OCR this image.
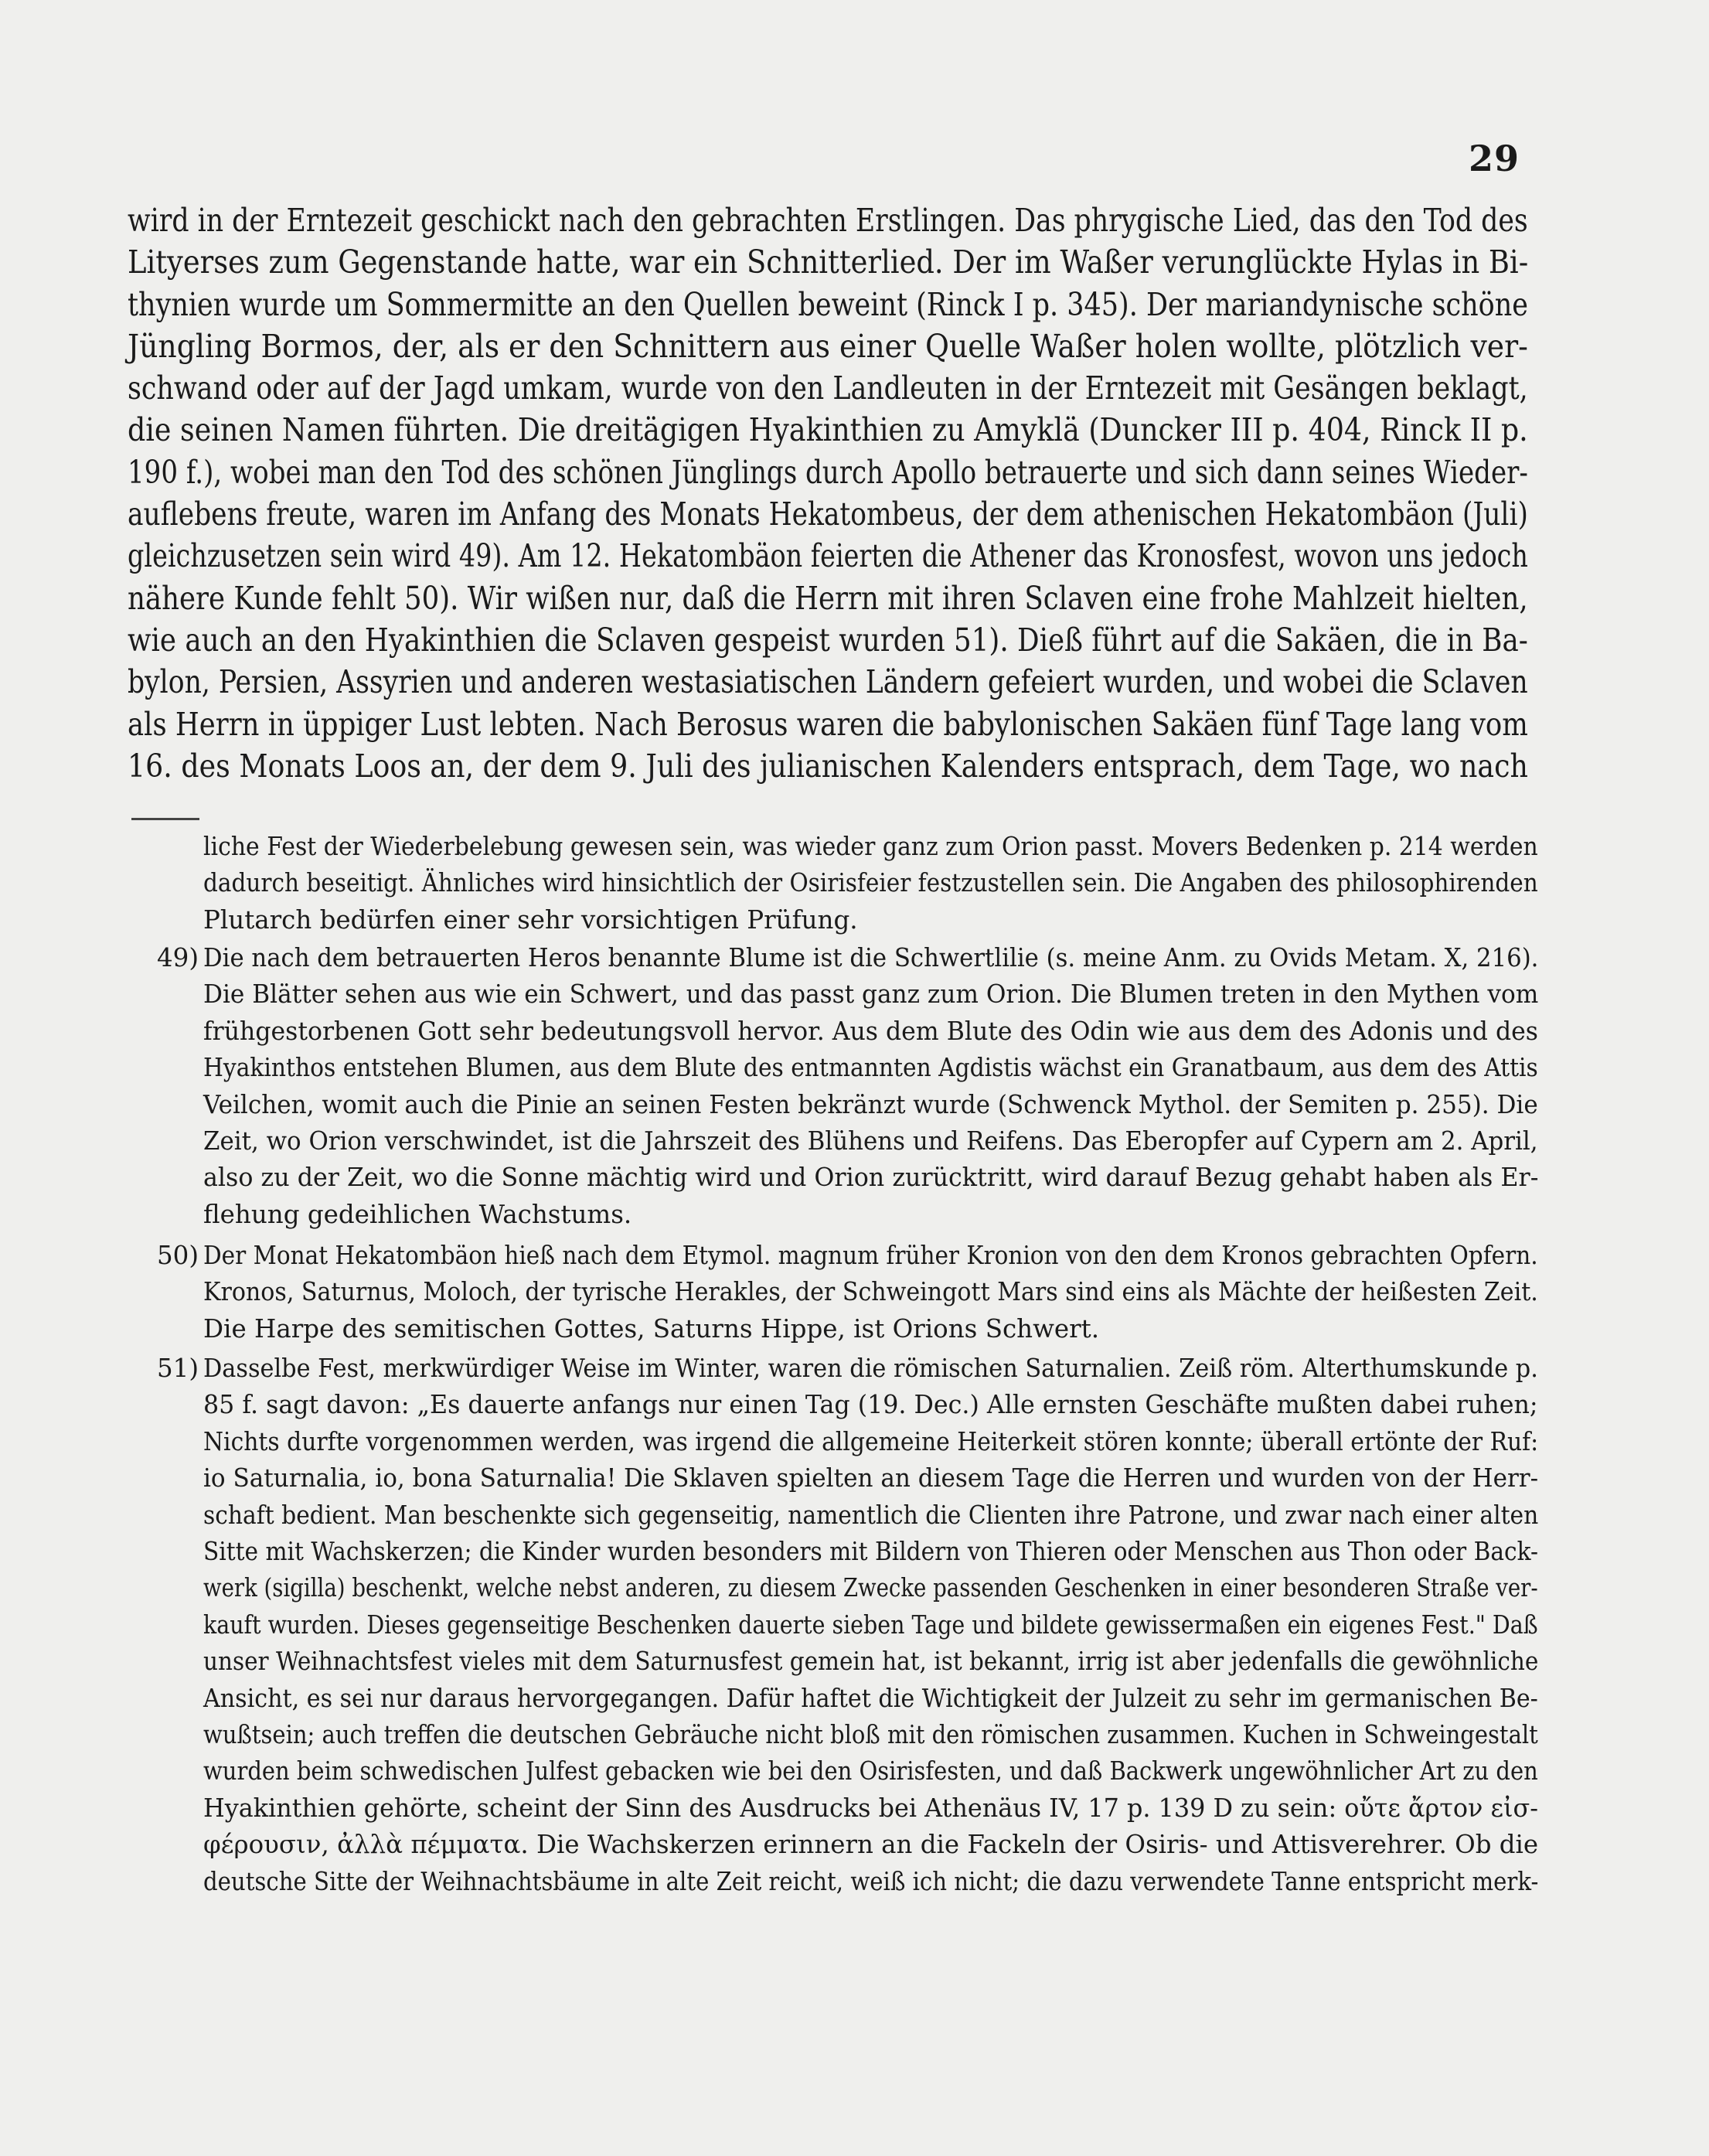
29
wird in der Erntezeit geschickt nach den gebrachten Erstlingen. Das phrygische Lied, das den Tod des
Lityerses zum Gegenstande hatte, war ein Schnitterlied. Der im Waßer verunglückte Hylas in Bi-
thynien wurde um Sommermitte an den Quellen beweint (Rinck I p. 345). Der mariandynische schöne
Jüngling Bormos, der, als er den Schnittern aus einer Quelle Waßer holen wollte, plötzlich ver-
schwand oder auf der Jagd umkam, wurde von den Landleuten in der Erntezeit mit Gesängen beklagt,
die seinen Namen führten. Die dreitägigen Hyakinthien zu Amyklä (Duncker III p. 404, Rinck II p.
190 f.), wobei man den Tod des schönen Jünglings durch Apollo betrauerte und sich dann seines Wieder-
auflebens freute, waren im Anfang des Monats Hekatombeus, der dem athenischen Hekatombäon (Juli)
gleichzusetzen sein wird 49). Am 12. Hekatombäon feierten die Athener das Kronosfest, wovon uns jedoch
nähere Kunde fehlt 50). Wir wißen nur, daß die Herrn mit ihren Sclaven eine frohe Mahlzeit hielten,
wie auch an den Hyakinthien die Sclaven gespeist wurden 51). Dieß führt auf die Sakäen, die in Ba-
bylon, Persien, Assyrien und anderen westasiatischen Ländern gefeiert wurden, und wobei die Sclaven
als Herrn in üppiger Lust lebten. Nach Berosus waren die babylonischen Sakäen fünf Tage lang vom
16. des Monats Loos an, der dem 9. Juli des julianischen Kalenders entsprach, dem Tage, wo nach
liche Fest der Wiederbelebung gewesen sein, was wieder ganz zum Orion passt. Movers Bedenken p. 214 werden
dadurch beseitigt. Ähnliches wird hinsichtlich der Osirisfeier festzustellen sein. Die Angaben des philosophirenden
Plutarch bedürfen einer sehr vorsichtigen Prüfung.
49) Die nach dem betrauerten Heros benannte Blume ist die Schwertlilie (s. meine Anm. zu Ovids Metam. X, 216).
Die Blätter sehen aus wie ein Schwert, und das passt ganz zum Orion. Die Blumen treten in den Mythen vom
frühgestorbenen Gott sehr bedeutungsvoll hervor. Aus dem Blute des Odin wie aus dem des Adonis und des
Hyakinthos entstehen Blumen, aus dem Blute des entmannten Agdistis wächst ein Granatbaum, aus dem des Attis
Veilchen, womit auch die Pinie an seinen Festen bekränzt wurde (Schwenck Mythol. der Semiten p. 255). Die
Zeit, wo Orion verschwindet, ist die Jahrszeit des Blühens und Reifens. Das Eberopfer auf Cypern am 2. April,
also zu der Zeit, wo die Sonne mächtig wird und Orion zurücktritt, wird darauf Bezug gehabt haben als Er-
flehung gedeihlichen Wachstums.
50) Der Monat Hekatombäon hieß nach dem Etymol. magnum früher Kronion von den dem Kronos gebrachten Opfern.
Kronos, Saturnus, Moloch, der tyrische Herakles, der Schweingott Mars sind eins als Mächte der heißesten Zeit.
Die Harpe des semitischen Gottes, Saturns Hippe, ist Orions Schwert.
51) Dasselbe Fest, merkwürdiger Weise im Winter, waren die römischen Saturnalien. Zeiß röm. Alterthumskunde p.
85 f. sagt davon: „Es dauerte anfangs nur einen Tag (19. Dec.) Alle ernsten Geschäfte mußten dabei ruhen;
Nichts durfte vorgenommen werden, was irgend die allgemeine Heiterkeit stören konnte; überall ertönte der Ruf:
io Saturnalia, io, bona Saturnalia! Die Sklaven spielten an diesem Tage die Herren und wurden von der Herr-
schaft bedient. Man beschenkte sich gegenseitig, namentlich die Clienten ihre Patrone, und zwar nach einer alten
Sitte mit Wachskerzen; die Kinder wurden besonders mit Bildern von Thieren oder Menschen aus Thon oder Back-
werk (sigilla) beschenkt, welche nebst anderen, zu diesem Zwecke passenden Geschenken in einer besonderen Straße ver-
kauft wurden. Dieses gegenseitige Beschenken dauerte sieben Tage und bildete gewissermaßen ein eigenes Fest." Daß
unser Weihnachtsfest vieles mit dem Saturnusfest gemein hat, ist bekannt, irrig ist aber jedenfalls die gewöhnliche
Ansicht, es sei nur daraus hervorgegangen. Dafür haftet die Wichtigkeit der Julzeit zu sehr im germanischen Be-
wußtsein; auch treffen die deutschen Gebräuche nicht bloß mit den römischen zusammen. Kuchen in Schweingestalt
wurden beim schwedischen Julfest gebacken wie bei den Osirisfesten, und daß Backwerk ungewöhnlicher Art zu den
Hyakinthien gehörte, scheint der Sinn des Ausdrucks bei Athenäus IV, 17 p. 139 D zu sein: οὔτε ἄρτον εἰσ-
φέρουσιν, ἀλλὰ πέμματα. Die Wachskerzen erinnern an die Fackeln der Osiris- und Attisverehrer. Ob die
deutsche Sitte der Weihnachtsbäume in alte Zeit reicht, weiß ich nicht; die dazu verwendete Tanne entspricht merk-
